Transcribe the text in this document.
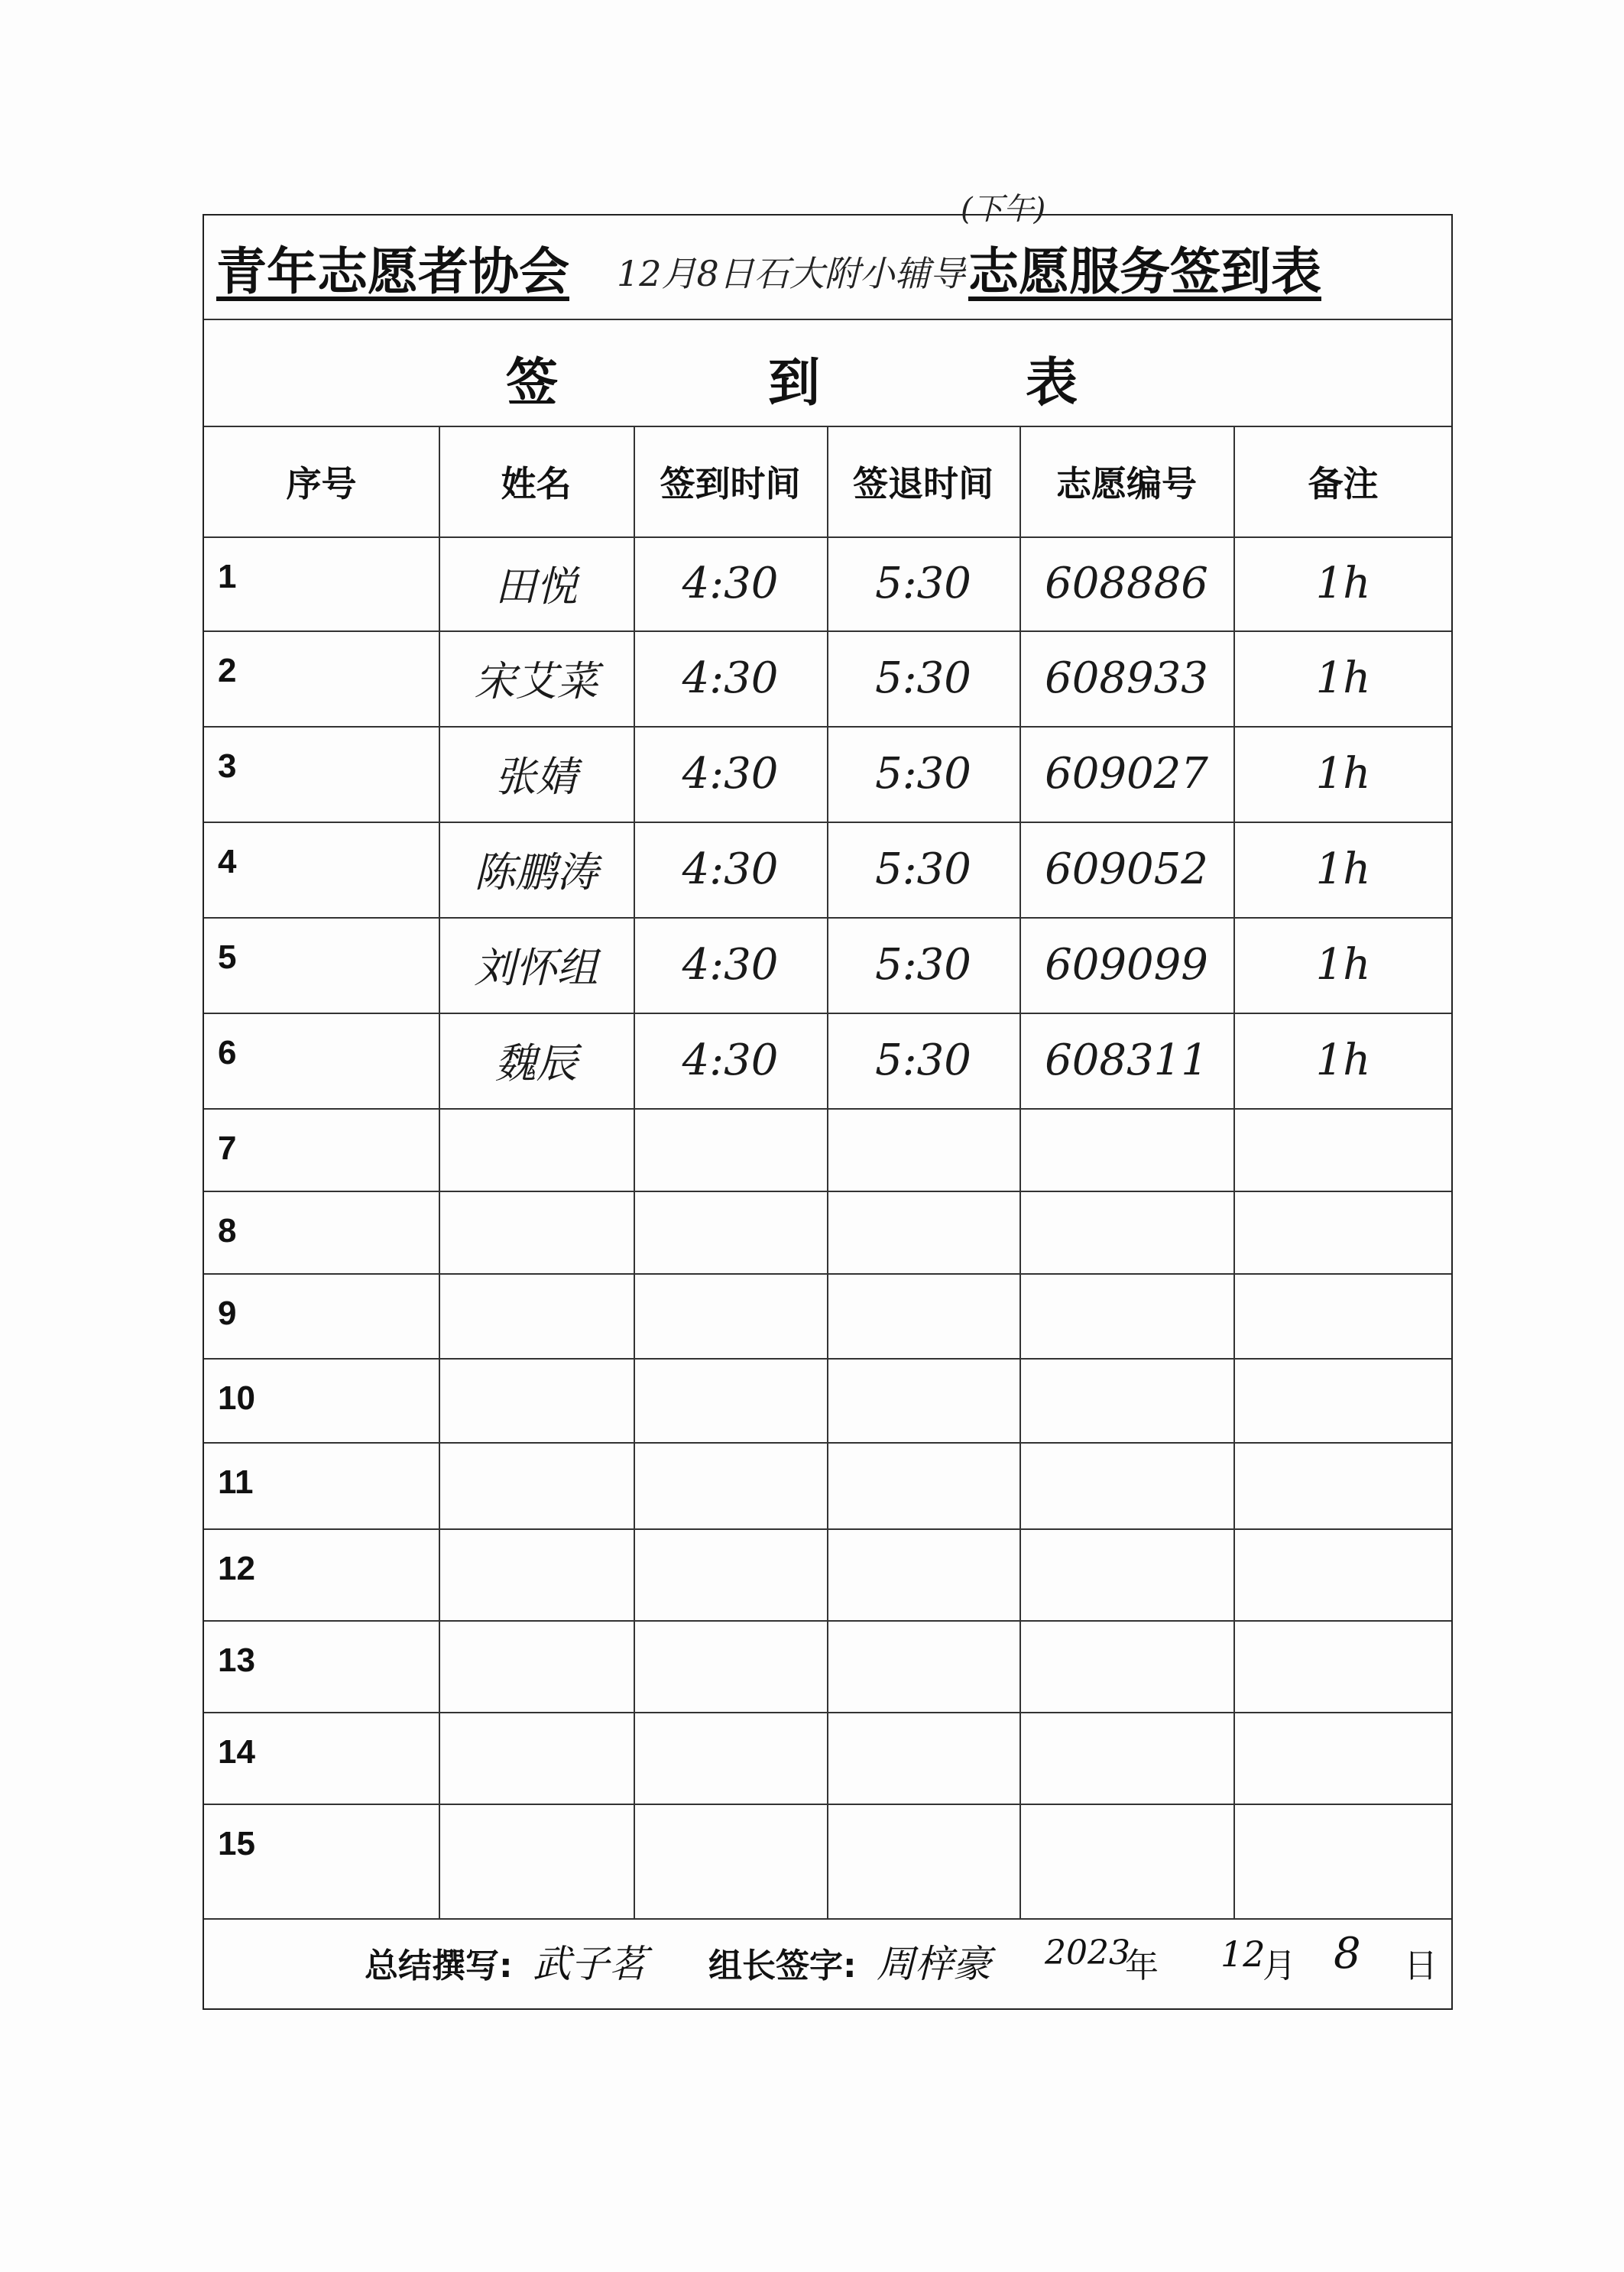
青年志愿者协会 12月8日石大附小辅导
(下午)
志愿服务签到表
签	到	表
序号	姓名	签到时间	签退时间	志愿编号	备注
1	田悦	4:30	5:30	608886	1h
2	宋艾菜	4:30	5:30	608933	1h
3	张婧	4:30	5:30	609027	1h
4	陈鹏涛	4:30	5:30	609052	1h
5	刘怀组	4:30	5:30	609099	1h
6	魏辰	4:30	5:30	608311	1h
7
8
9
10
11
12
13
14
15
总结撰写: 武子茗 组长签字: 周梓豪 2023
年 12
月 8 日
